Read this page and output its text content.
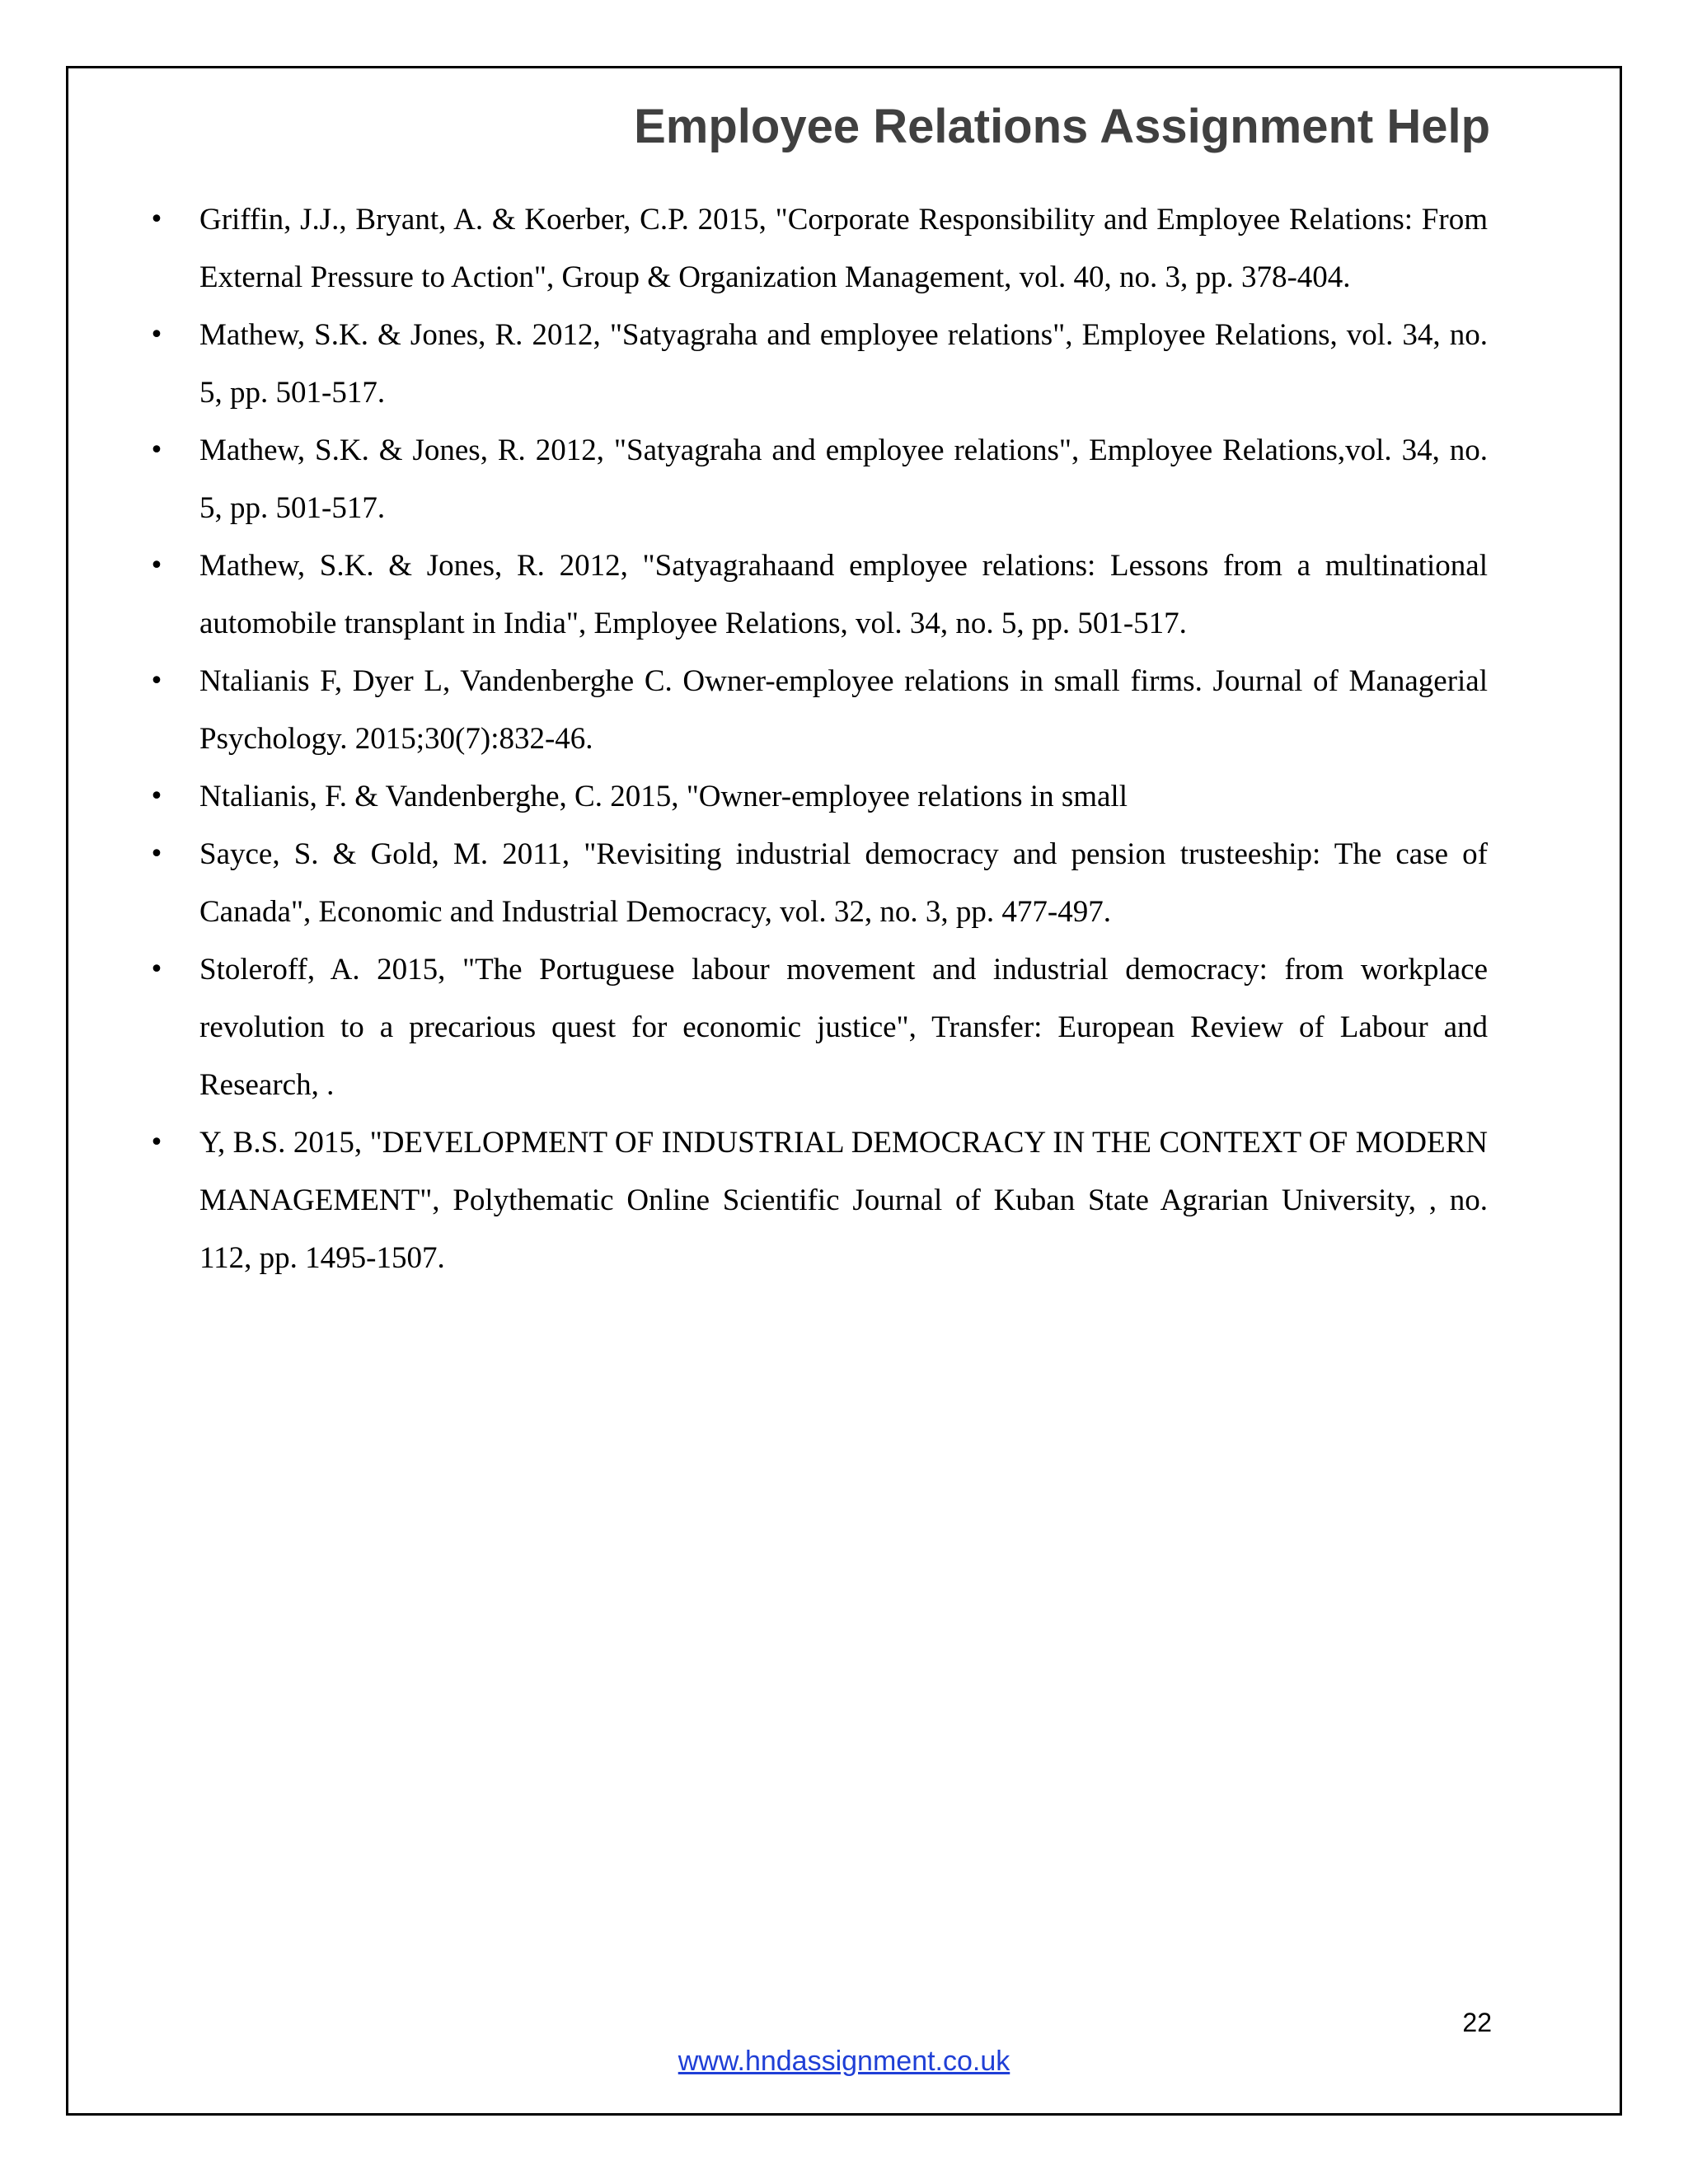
Employee Relations Assignment Help
• Griffin, J.J., Bryant, A. & Koerber, C.P. 2015, "Corporate Responsibility and Employee Relations: From External Pressure to Action", Group & Organization Management, vol. 40, no. 3, pp. 378-404.
• Mathew, S.K. & Jones, R. 2012, "Satyagraha and employee relations", Employee Relations, vol. 34, no. 5, pp. 501-517.
• Mathew, S.K. & Jones, R. 2012, "Satyagraha and employee relations", Employee Relations,vol. 34, no. 5, pp. 501-517.
• Mathew, S.K. & Jones, R. 2012, "Satyagrahaand employee relations: Lessons from a multinational automobile transplant in India", Employee Relations, vol. 34, no. 5, pp. 501-517.
• Ntalianis F, Dyer L, Vandenberghe C. Owner-employee relations in small firms. Journal of Managerial Psychology. 2015;30(7):832-46.
• Ntalianis, F. & Vandenberghe, C. 2015, "Owner-employee relations in small
• Sayce, S. & Gold, M. 2011, "Revisiting industrial democracy and pension trusteeship: The case of Canada", Economic and Industrial Democracy, vol. 32, no. 3, pp. 477-497.
• Stoleroff, A. 2015, "The Portuguese labour movement and industrial democracy: from workplace revolution to a precarious quest for economic justice", Transfer: European Review of Labour and Research, .
• Y, B.S. 2015, "DEVELOPMENT OF INDUSTRIAL DEMOCRACY IN THE CONTEXT OF MODERN MANAGEMENT", Polythematic Online Scientific Journal of Kuban State Agrarian University, , no. 112, pp. 1495-1507.
22
www.hndassignment.co.uk
